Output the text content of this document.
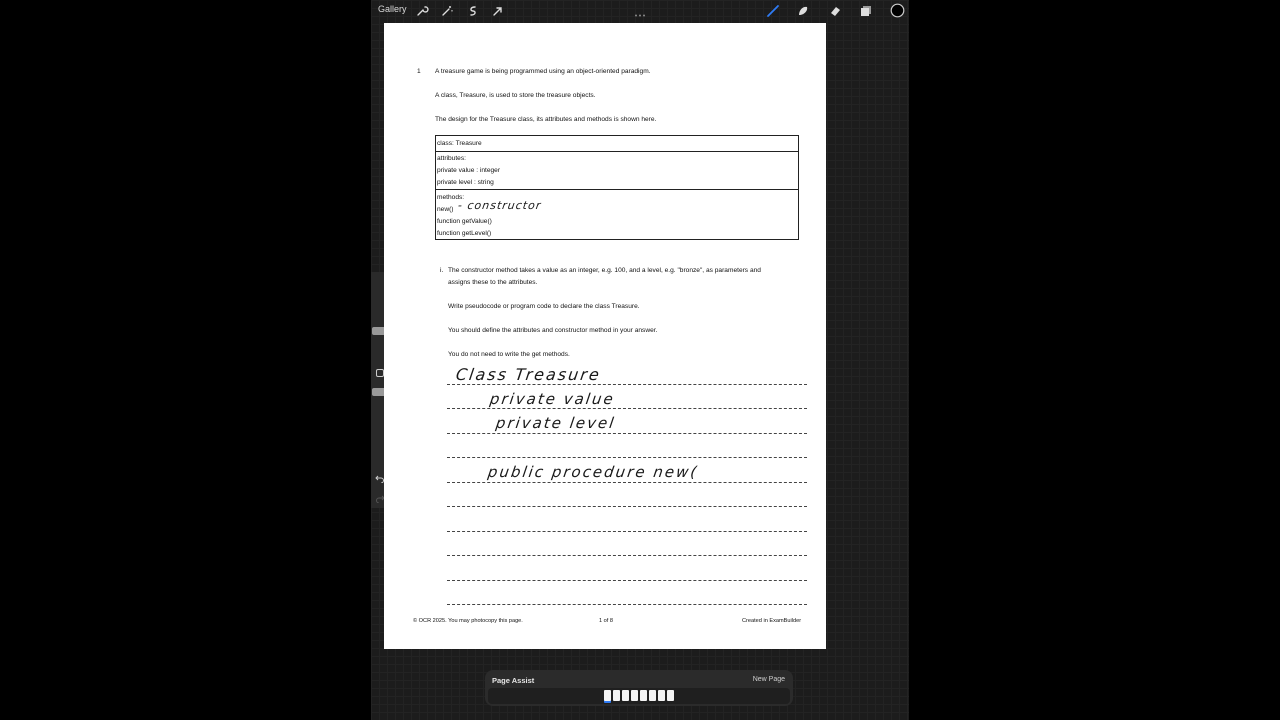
Gallery
1 A treasure game is being programmed using an object-oriented paradigm.
A class, Treasure, is used to store the treasure objects.
The design for the Treasure class, its attributes and methods is shown here.
class: Treasure
attributes:
private value : integer
private level : string
methods:
new() - constructor
function getValue()
function getLevel()
i. The constructor method takes a value as an integer, e.g. 100, and a level, e.g. "bronze", as parameters and
assigns these to the attributes.
Write pseudocode or program code to declare the class Treasure.
You should define the attributes and constructor method in your answer.
You do not need to write the get methods.
Class Treasure
private value
private level
public procedure new(
© OCR 2025. You may photocopy this page.	1 of 8	Created in ExamBuilder
Page Assist	New Page
